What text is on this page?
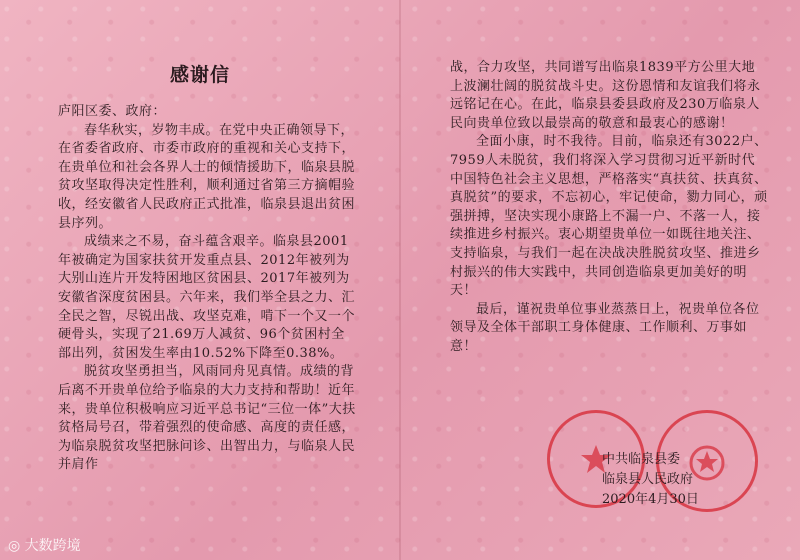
感谢信

庐阳区委、政府：

春华秋实，岁物丰成。在党中央正确领导下，在省委省政府、市委市政府的重视和关心支持下，在贵单位和社会各界人士的倾情援助下，临泉县脱贫攻坚取得决定性胜利，顺利通过省第三方摘帽验收，经安徽省人民政府正式批准，临泉县退出贫困县序列。

成绩来之不易，奋斗蕴含艰辛。临泉县2001年被确定为国家扶贫开发重点县、2012年被列为大别山连片开发特困地区贫困县、2017年被列为安徽省深度贫困县。六年来，我们举全县之力、汇全民之智，尽锐出战、攻坚克难，啃下一个又一个硬骨头，实现了21.69万人减贫、96个贫困村全部出列，贫困发生率由10.52%下降至0.38%。

脱贫攻坚勇担当，风雨同舟见真情。成绩的背后离不开贵单位给予临泉的大力支持和帮助！近年来，贵单位积极响应习近平总书记“三位一体”大扶贫格局号召，带着强烈的使命感、高度的责任感，为临泉脱贫攻坚把脉问诊、出智出力，与临泉人民并肩作

战，合力攻坚，共同谱写出临泉1839平方公里大地上波澜壮阔的脱贫战斗史。这份恩情和友谊我们将永远铭记在心。在此，临泉县委县政府及230万临泉人民向贵单位致以最崇高的敬意和最衷心的感谢！

全面小康，时不我待。目前，临泉还有3022户、7959人未脱贫，我们将深入学习贯彻习近平新时代中国特色社会主义思想，严格落实“真扶贫、扶真贫、真脱贫”的要求，不忘初心，牢记使命，勠力同心，顽强拼搏，坚决实现小康路上不漏一户、不落一人，接续推进乡村振兴。衷心期望贵单位一如既往地关注、支持临泉，与我们一起在决战决胜脱贫攻坚、推进乡村振兴的伟大实践中，共同创造临泉更加美好的明天！

最后，谨祝贵单位事业蒸蒸日上，祝贵单位各位领导及全体干部职工身体健康、工作顺利、万事如意！

中共临泉县委
临泉县人民政府
2020年4月30日
◎ 大数跨境
